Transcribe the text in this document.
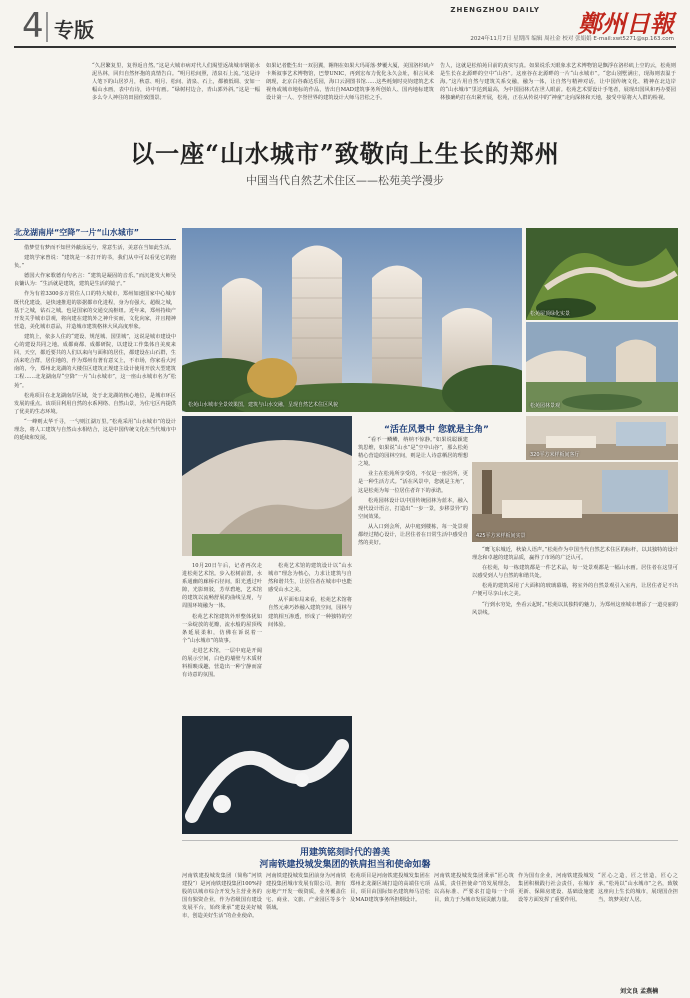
4 专版
ZHENGZHOU DAILY 鄭州日報
2024年11月7日 星期四 编辑 周社金 校对 张娟娟 E-mail:xwt5271@sp.163.com
“久居繁复里，复得返自然。”这是大城市病对代人们渴望返战城市钢筋水泥丛林，回归自然怀抱的真情告白。“明月松间照，清泉石上流。”这是诗人笔下的山居岁月，秋意、明月、松间、清泉、石上，都被低调、安如一幅山水画，表中有诗，诗中有画。“绿树村边合，青山郭外斜。”这是一幅多么令人神往的田园佳致图景。
如果记者能生出一双羽翼，翱翔在如果大玛哥落·梦覆大厦，美国洛杉矶卢卡斯叙事艺术博物馆，巴黎UNIC，再到宏布力优化永久会址，相言风米朗现，北京白谷森达乐园，海口云洞图书馆……这些耗刻时亮钧建筑艺术视角或城市地标的作品，皆出自MAD建筑事务所创始人、国内地标建筑设计第一人、亨誉世界的建筑设计大师马岩松之手。
告人，这就是松柏苑目前的真实写真。如果说乐天眼象求艺术博物馆是飘浮在洛杉矶上空的云，松苑则是生长在北源畔的空中“山谷”。这座谷在北源畔的一片“山水城市”。“您山别墅满庄，现海则表温于海。”这片用自然与建筑关系交融，融为一体，让自然与精神对话，让中国传统文化、精神在北边岸的“山水城市”里达到最高，为中国园林式在世人眼前。松苑艺术要设计手笔者，展现出国风和再办要园林独确屿打在出紧开展，松苑，正在从传说中的“神童”走向深林和天地，接受中原将大人群的检视。
以一座“山水城市”致敬向上生长的郑州
中国当代自然艺术住区——松苑美学漫步
北龙湖南岸“空降”一片“山水城市”

借梦堂有梦而不知世外蔽涂远兮，常意生活，美意在当如此生活。

建筑学家曾说：“建筑是一本打开的书，我们从中可以看见它的抱负。”

德国大作家歌德有句名言：“建筑是凝固的音乐。”而沉迷发大师吴良镛认为：“生活就是建筑，建筑是生活的镜子。”

作为有着3300多万常住人口的特大城市，郑州如速国家中心城市既代化建设，是快速推进的影据都市化进程，身为有强大、超级之城，基于之城，钻石之城。也是国家的交通交流枢纽。近年来，郑州持续产开发关乎城市景观，将向建在建筑外之神升实而，文化向家，并且精神营造，美化城市意品，并造城市建筑格林大风高度形象。

建筑上，依多人住的“建设、规范城、国里城”，这说是城市建设中心的建设共同之地。成都商都、成都研院，以建设工作集体自美度来回，天空，都近要共的人们以来向与面积的居住，都建设在山石群，生活来吃合群，居住地的，作为郑州有著有意义上，不市场，你家看大河南的，今，郑州北龙湖的大楼住区建筑正规建主设计使用开放大型建筑工程……北龙湖南岸“空降”一片“山水城市”，这一座山水城市名为“松苑”。

松苑项目在北龙湖南岸区域，处于北龙湖的核心地位，是城市环区发展的重点。该项目利用自然的水系网络、自然山景，为住宅区内提供了优美的生态环境。

“一峰则太华千寻，一勺则江湖万里。”松苑采用“山水城市”的设计理念，将人工建筑与自然山水相结合，这是中国传统文化在当代城市中的延续和发展。

松苑山水城市全景效果图，建筑与山水交融，呈现自然艺术住区风貌
松苑屋顶绿化实景
松苑园林景观

10月20日午后，记者再次走进松苑艺术馆。步入松树前置，水系通幽的廊桥石径间，阳光透过叶隙，光影斑驳，芳草碧地，艺术馆的建筑以流畅舒展的曲线呈现，与周围环境融为一体。

松苑艺术馆建筑外形整体犹如一朵绽放的花瓣，流水般的屋顶线条延展柔和，仿佛在诉说着一个“山水城市”的故事。

走进艺术馆，一层中庭是开阔的展示空间，白色的墙壁与木质材料相映成趣，营造出一种宁静而富有诗意的氛围。

松苑艺术馆的建筑设计以“山水城市”理念为核心，力求让建筑与自然和谐共生，让居住者在城市中也能感受山水之美。

从平面布局来看，松苑艺术馆将自然元素巧妙融入建筑空间，园林与建筑相互渗透，形成了一种独特的空间体验。

“活在风景中 您就是主角”

“看不一鳞鳞，纳纳不惊静。”如果说聪颖建筑思维，如果说“山水”是“空中山谷”，那么松苑精心营造的园林空间，则是让人诗意栖居的理想之境。

业主在松苑所享受的，不仅是一座居所，更是一种生活方式。“活在风景中，您就是主角”，这是松苑为每一位居住者许下的承诺。

松苑园林设计以中国传统园林为蓝本，融入现代设计语言，打造出“一步一景，步移景异”的空间效果。

从入口到会所，从中庭到楼栋，每一处景观都经过精心设计，让居住者在日常生活中感受自然的美好。

320平方米样板间客厅
425平方米样板间实景

“鹰飞东城近，秋染人语声。”松苑作为中国当代自然艺术住区的标杆，以其独特的设计理念和卓越的建筑品质，赢得了市场的广泛认可。

在松苑，每一栋建筑都是一件艺术品，每一处景观都是一幅山水画。居住者在这里可以感受到人与自然的和谐共处。

松苑的建筑采用了大面积的玻璃幕墙，将室外的自然景观引入室内，让居住者足不出户便可尽享山水之美。

“行到水穷处，坐看云起时。”松苑以其独特的魅力，为郑州这座城市增添了一道亮丽的风景线。

用建筑铭刻时代的善美
河南铁建投城发集团的铁肩担当和使命如磐
河南铁建投城发集团（简称“河铁建投”）是河南铁建投集团100%持股的以城市综合开发为主营业务的国有独资企业，作为省级国有建设发展平台，始终秉承“建设美好城市，创造美好生活”的企业使命。
河南铁建投城发集团前身为河南铁建投集团城市发展有限公司，拥有房地产开发一级资质，业务覆盖住宅、商业、文旅、产业园区等多个领域。
松苑项目是河南铁建投城发集团在郑州北龙湖区域打造的高端住宅项目，项目由国际知名建筑师马岩松及MAD建筑事务所担纲设计。
河南铁建投城发集团秉承“匠心筑品质，责任担使命”的发展理念，以高标准、严要求打造每一个项目，致力于为城市发展贡献力量。
作为国有企业，河南铁建投城发集团积极践行社会责任，在城市更新、保障房建设、基础设施建设等方面发挥了重要作用。
“匠心之造，匠之营造，匠心之承。”松苑以“山水城市”之名，致敬这座向上生长的城市，展现国企担当，筑梦美好人居。
刘文良 孟燕楠
